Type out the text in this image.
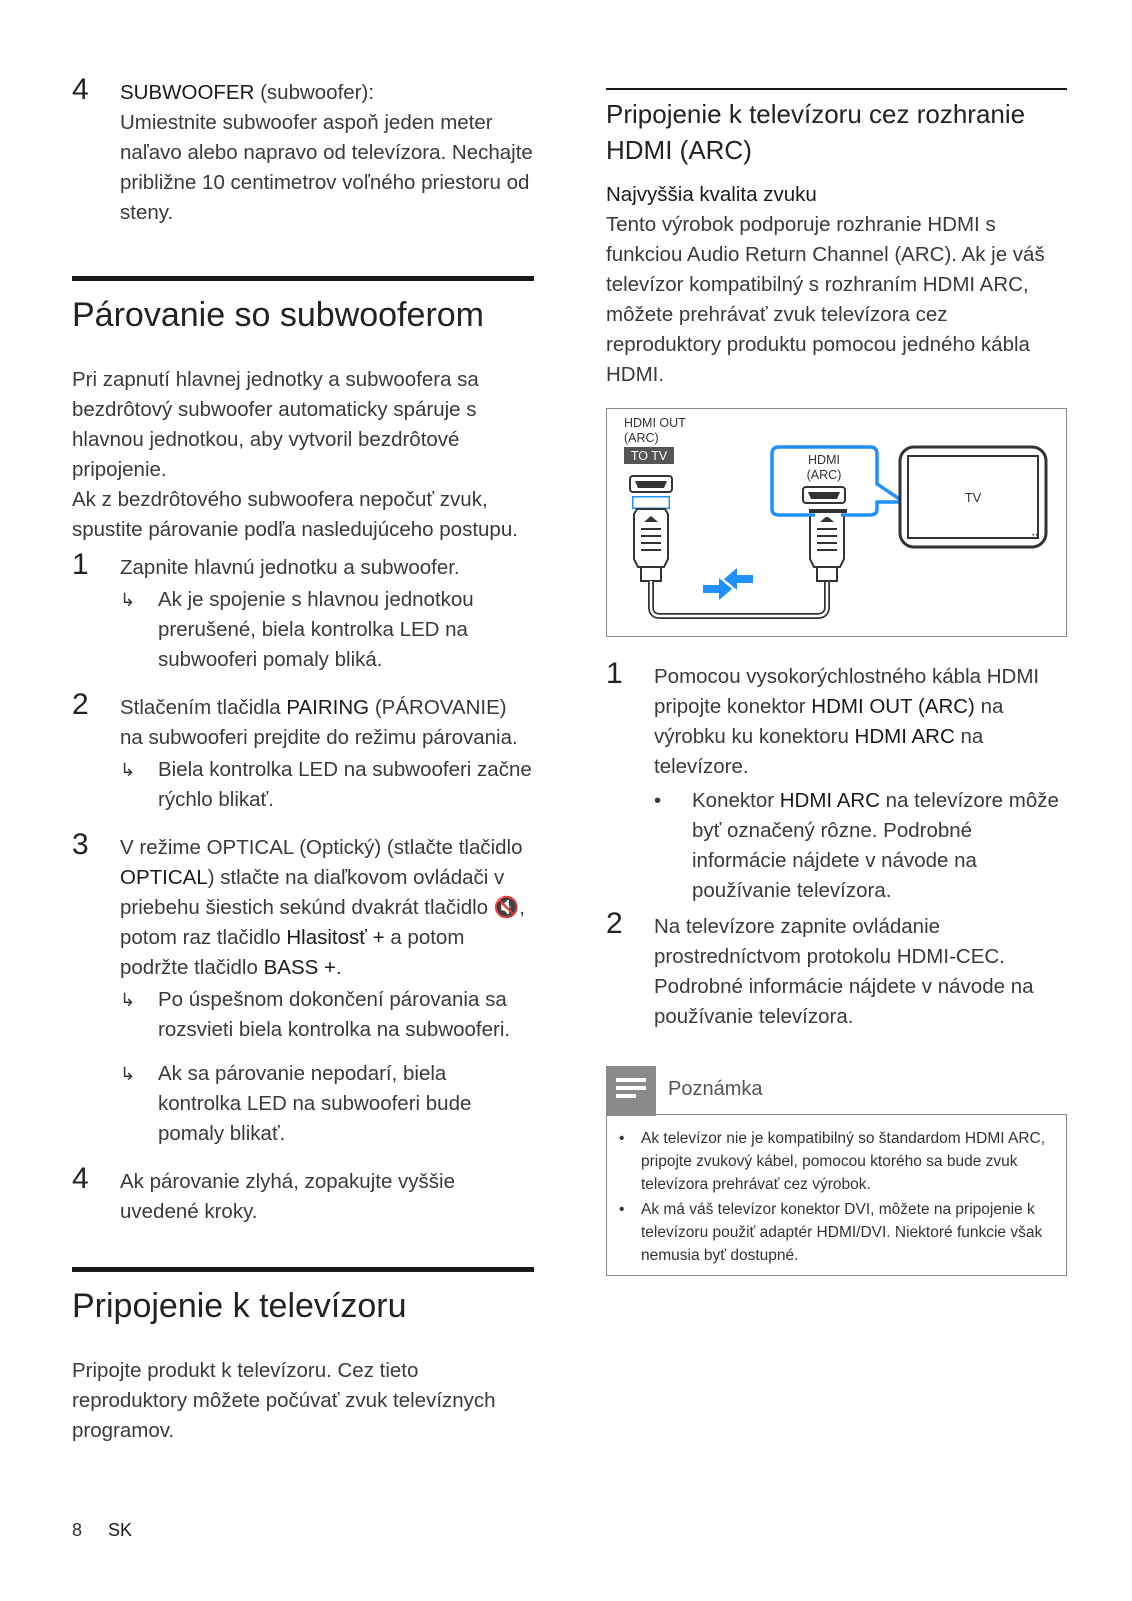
4 SUBWOOFER (subwoofer):
Umiestnite subwoofer aspoň jeden meter naľavo alebo napravo od televízora. Nechajte približne 10 centimetrov voľného priestoru od steny.
Párovanie so subwooferom
Pri zapnutí hlavnej jednotky a subwoofera sa bezdrôtový subwoofer automaticky spáruje s hlavnou jednotkou, aby vytvoril bezdrôtové pripojenie.
Ak z bezdrôtového subwoofera nepočuť zvuk, spustite párovanie podľa nasledujúceho postupu.
1 Zapnite hlavnú jednotku a subwoofer.
↳ Ak je spojenie s hlavnou jednotkou prerušené, biela kontrolka LED na subwooferi pomaly bliká.
2 Stlačením tlačidla PAIRING (PÁROVANIE) na subwooferi prejdite do režimu párovania.
↳ Biela kontrolka LED na subwooferi začne rýchlo blikať.
3 V režime OPTICAL (Optický) (stlačte tlačidlo OPTICAL) stlačte na diaľkovom ovládači v priebehu šiestich sekúnd dvakrát tlačidlo 🔇, potom raz tlačidlo Hlasitosť + a potom podržte tlačidlo BASS +.
↳ Po úspešnom dokončení párovania sa rozsvieti biela kontrolka na subwooferi.
↳ Ak sa párovanie nepodarí, biela kontrolka LED na subwooferi bude pomaly blikať.
4 Ak párovanie zlyhá, zopakujte vyššie uvedené kroky.
Pripojenie k televízoru
Pripojte produkt k televízoru. Cez tieto reproduktory môžete počúvať zvuk televíznych programov.
Pripojenie k televízoru cez rozhranie HDMI (ARC)
Najvyššia kvalita zvuku
Tento výrobok podporuje rozhranie HDMI s funkciou Audio Return Channel (ARC). Ak je váš televízor kompatibilný s rozhraním HDMI ARC, môžete prehrávať zvuk televízora cez reproduktory produktu pomocou jedného kábla HDMI.
HDMI OUT
(ARC)
TO TV	HDMI
(ARC)
TV
• •
1 Pomocou vysokorýchlostného kábla HDMI pripojte konektor HDMI OUT (ARC) na výrobku ku konektoru HDMI ARC na televízore.
• Konektor HDMI ARC na televízore môže byť označený rôzne. Podrobné informácie nájdete v návode na používanie televízora.
2 Na televízore zapnite ovládanie prostredníctvom protokolu HDMI-CEC. Podrobné informácie nájdete v návode na používanie televízora.
Poznámka
• Ak televízor nie je kompatibilný so štandardom HDMI ARC, pripojte zvukový kábel, pomocou ktorého sa bude zvuk televízora prehrávať cez výrobok.
• Ak má váš televízor konektor DVI, môžete na pripojenie k televízoru použiť adaptér HDMI/DVI. Niektoré funkcie však nemusia byť dostupné.
8 SK
